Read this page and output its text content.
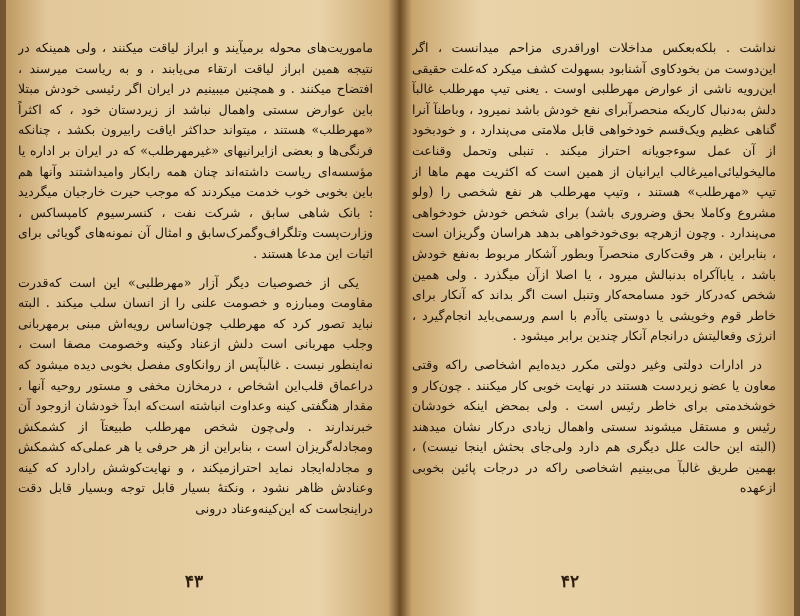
ماموریت‌های محوله برمیآیند و ابراز لیاقت میکنند ، ولی همینکه در نتیجه همین ابراز لیاقت ارتقاء می‌یابند ، و به ریاست میرسند ، افتضاح میکنند . و همچنین میبینیم در ایران اگر رئیسی خودش مبتلا باین عوارض سستی واهمال نباشد از زیردستان خود ، که اکثراً «مهرطلب» هستند ، میتواند حداکثر ایاقت رابیرون بکشد ، چنانکه فرنگی‌ها و بعضی ازایرانیهای «غیرمهرطلب» که در ایران بر اداره یا مؤسسه‌ای ریاست داشته‌اند چنان همه رابکار وامیداشتند وآنها هم باین بخوبی خوب خدمت میکردند که موجب حیرت خارجیان میگردید : بانک شاهی سابق ، شرکت نفت ، کنسرسیوم کامپساکس ، وزارت‌پست وتلگراف‌وگمرک‌سابق و امثال آن نمونه‌های گویائی برای اثبات این مدعا هستند .

یکی از خصوصیات دیگر آزار «مهرطلبی» این است که‌قدرت مقاومت ومبارزه و خصومت علنی را از انسان سلب میکند . البته نباید تصور کرد که مهرطلب چون‌اساس رویه‌اش مبنی برمهربانی وجلب مهربانی است دلش ازعناد وکینه وخصومت مصفا است ، نه‌اینطور نیست . غالبآپس از روانکاوی مفصل بخوبی دیده میشود که دراعماق قلب‌این اشخاص ، درمخازن مخفی و مستور روحیه آنها ، مقدار هنگفتی کینه وعداوت انباشته است‌که ابدآ خودشان ازوجود آن خبرندارند . ولی‌چون شخص مهرطلب طبیعتآ از کشمکش ومجادله‌گریزان است ، بنابراین از هر حرفی یا هر عملی‌که کشمکش و مجادله‌ایجاد نماید احترازمیکند ، و نهایت‌کوشش رادارد که کینه وعنادش ظاهر نشود ، ونکتهٔ بسیار قابل توجه وبسیار قابل دقت دراینجاست که این‌کینه‌وعناد درونی

۴۳

نداشت . بلکه‌بعکس مداخلات اوراقدری مزاحم میدانست ، اگر این‌دوست من بخودکاوی آشنابود بسهولت کشف میکرد که‌علت حقیقی این‌رویه ناشی از عوارض مهرطلبی اوست . یعنی تیپ مهرطلب غالبآ دلش به‌دنبال کاریکه منحصرآبرای نفع خودش باشد نمیرود ، وباطنآ آنرا گناهی عظیم ویک‌قسم خودخواهی قابل ملامتی می‌پندارد ، و خودبخود از آن عمل سوءجویانه احتراز میکند . تنبلی وتحمل وقناعت مالیخولیائی‌امیرغالب ایرانیان از همین است که اکثریت مهم ماها از تیپ «مهرطلب» هستند ، وتیپ مهرطلب هر نفع شخصی را (ولو مشروع وکاملا بحق وضروری باشد) برای شخص خودش خودخواهی می‌پندارد . وچون ازهرچه بوی‌خودخواهی بدهد هراسان وگریزان است ، بنابراین ، هر وقت‌کاری منحصرآ وبطور آشکار مربوط به‌نفع خودش باشد ، یاباآکراه بدنبالش میرود ، یا اصلا ازآن میگذرد . ولی همین شخص که‌درکار خود مسامحه‌کار وتنبل است اگر بداند که آنکار برای خاطر قوم وخویشی یا دوستی یاآدم با اسم ورسمی‌باید انجام‌گیرد ، انرژی وفعالیتش درانجام آنکار چندین برابر میشود .

در ادارات دولتی وغیر دولتی مکرر دیده‌ایم اشخاصی راکه وقتی معاون یا عضو زیردست هستند در نهایت خوبی کار میکنند . چون‌کار و خوشخدمتی برای خاطر رئیس است . ولی بمحض اینکه خودشان رئیس و مستقل میشوند سستی واهمال زیادی درکار نشان میدهند (البته این حالت علل دیگری هم دارد ولی‌جای بحثش اینجا نیست) ، بهمین طریق غالبآ می‌بینیم اشخاصی راکه در درجات پائین بخوبی ازعهده

۴۲
